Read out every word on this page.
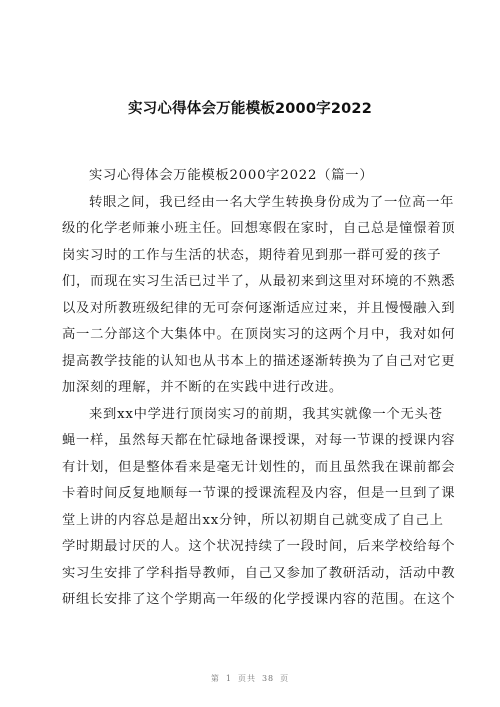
实习心得体会万能模板2000字2022
实习心得体会万能模板2000字2022（篇一）
转眼之间，我已经由一名大学生转换身份成为了一位高一年
级的化学老师兼小班主任。回想寒假在家时，自己总是憧憬着顶
岗实习时的工作与生活的状态，期待着见到那一群可爱的孩子
们，而现在实习生活已过半了，从最初来到这里对环境的不熟悉
以及对所教班级纪律的无可奈何逐渐适应过来，并且慢慢融入到
高一二分部这个大集体中。在顶岗实习的这两个月中，我对如何
提高教学技能的认知也从书本上的描述逐渐转换为了自己对它更
加深刻的理解，并不断的在实践中进行改进。
来到xx中学进行顶岗实习的前期，我其实就像一个无头苍
蝇一样，虽然每天都在忙碌地备课授课，对每一节课的授课内容
有计划，但是整体看来是毫无计划性的，而且虽然我在课前都会
卡着时间反复地顺每一节课的授课流程及内容，但是一旦到了课
堂上讲的内容总是超出xx分钟，所以初期自己就变成了自己上
学时期最讨厌的人。这个状况持续了一段时间，后来学校给每个
实习生安排了学科指导教师，自己又参加了教研活动，活动中教
研组长安排了这个学期高一年级的化学授课内容的范围。在这个
第 1 页共 38 页
